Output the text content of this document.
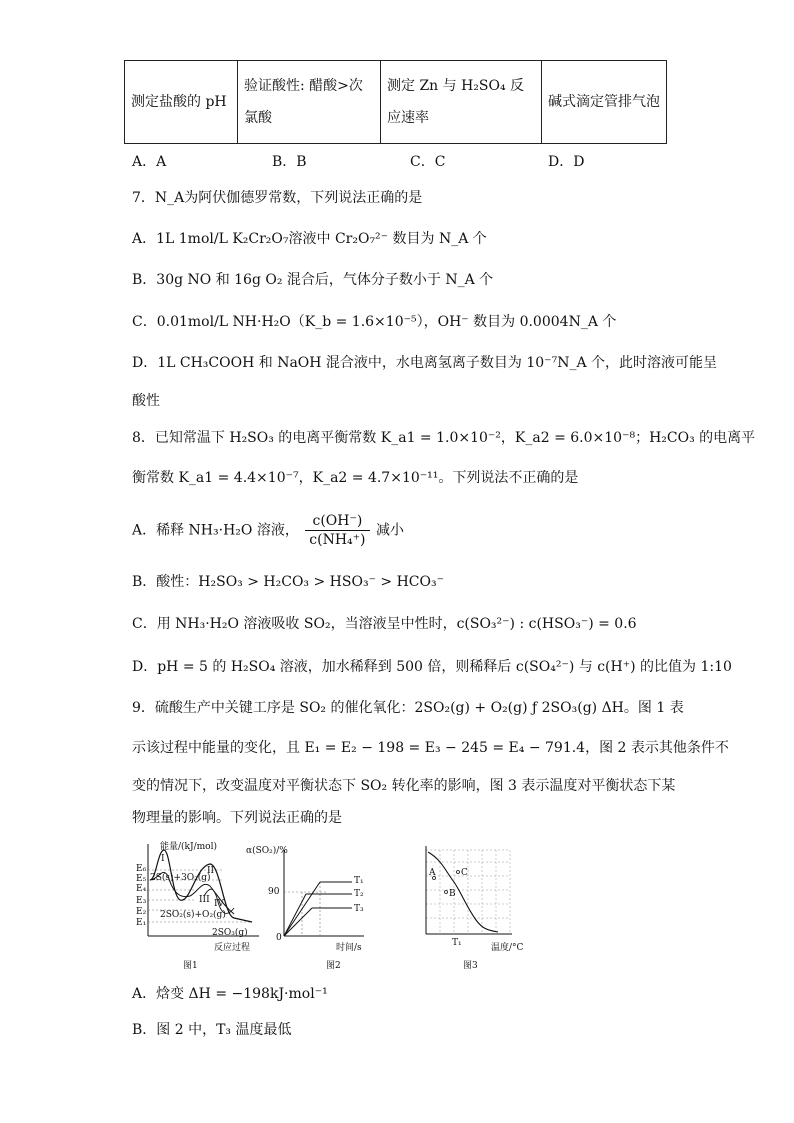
测定盐酸的 pH	验证酸性: 醋酸>次氯酸	测定 Zn 与 H₂SO₄ 反应速率	碱式滴定管排气泡
A．A	B．B	C．C	D．D
7．N_A为阿伏伽德罗常数，下列说法正确的是
A．1L 1mol/L K₂Cr₂O₇溶液中 Cr₂O₇²⁻ 数目为 N_A 个
B．30g NO 和 16g O₂ 混合后，气体分子数小于 N_A 个
C．0.01mol/L NH·H₂O（K_b = 1.6×10⁻⁵），OH⁻ 数目为 0.0004N_A 个
D．1L CH₃COOH 和 NaOH 混合液中，水电离氢离子数目为 10⁻⁷N_A 个，此时溶液可能呈
酸性
8．已知常温下 H₂SO₃ 的电离平衡常数 K_a1 = 1.0×10⁻²，K_a2 = 6.0×10⁻⁸；H₂CO₃ 的电离平
衡常数 K_a1 = 4.4×10⁻⁷，K_a2 = 4.7×10⁻¹¹。下列说法不正确的是
A．稀释 NH₃·H₂O 溶液， $\frac{c(OH^-)}{\text{c(NH₄⁺)}}$ 减小
B．酸性：H₂SO₃ > H₂CO₃ > HSO₃⁻ > HCO₃⁻
C．用 NH₃·H₂O 溶液吸收 SO₂，当溶液呈中性时，c(SO₃²⁻) : c(HSO₃⁻) = 0.6
D．pH = 5 的 H₂SO₄ 溶液，加水稀释到 500 倍，则稀释后 c(SO₄²⁻) 与 c(H⁺) 的比值为 1:10
9．硫酸生产中关键工序是 SO₂ 的催化氧化：2SO₂(g) + O₂(g) ƒ 2SO₃(g) ΔH。图 1 表
示该过程中能量的变化，且 E₁ = E₂ − 198 = E₃ − 245 = E₄ − 791.4，图 2 表示其他条件不
变的情况下，改变温度对平衡状态下 SO₂ 转化率的影响，图 3 表示温度对平衡状态下某
物理量的影响。下列说法正确的是
能量/(kJ/mol)
E₆
E₅
E₄
E₃
E₂
E₁
I
II
III IV
2S(s)+3O₂(g)
2SO₂(s)+O₂(g)
2SO₃(g)
反应过程
图1
α(SO₂)/%
90
0
T₁
T₂
T₃
时间/s
图2
A	C
B
T₁	温度/°C
图3
A．焓变 ΔH = −198kJ·mol⁻¹
B．图 2 中，T₃ 温度最低
